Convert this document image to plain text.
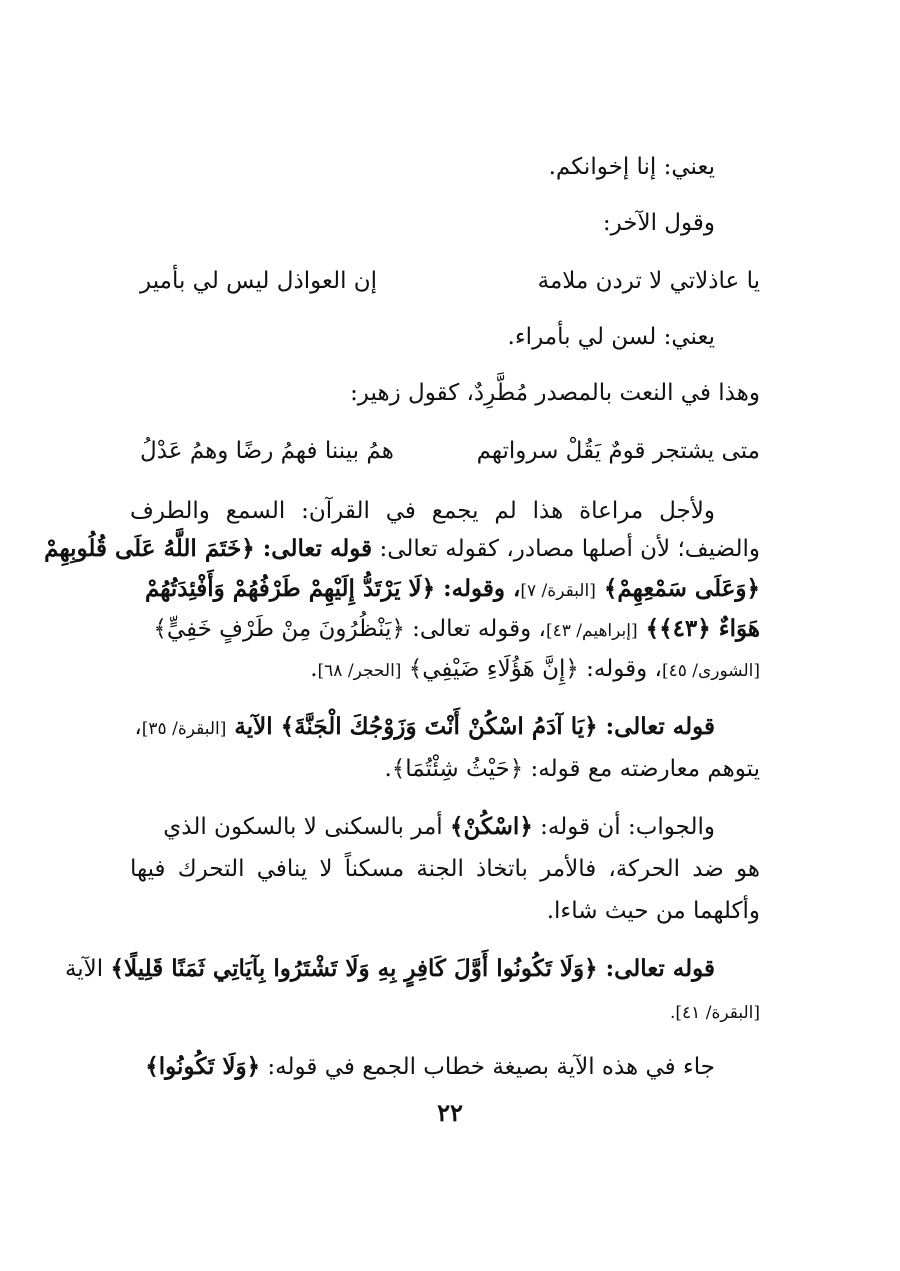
يعني: إنا إخوانكم.
وقول الآخر:
يا عاذلاتي لا تردن ملامة
إن العواذل ليس لي بأمير
يعني: لسن لي بأمراء.
وهذا في النعت بالمصدر مُطَّرِدٌ، كقول زهير:
متى يشتجر قومٌ يَقُلْ سرواتهم
همُ بيننا فهمُ رضًا وهمُ عَدْلُ
ولأجل مراعاة هذا لم يجمع في القرآن: السمع والطرف
والضيف؛ لأن أصلها مصادر، كقوله تعالى: قوله تعالى: ﴿خَتَمَ اللَّهُ عَلَى قُلُوبِهِمْ
﴿وَعَلَى سَمْعِهِمْ﴾ [البقرة/ ٧]، وقوله: ﴿لَا يَرْتَدُّ إِلَيْهِمْ طَرْفُهُمْ وَأَفْئِدَتُهُمْ
هَوَاءٌ ﴿٤٣﴾﴾ [إبراهيم/ ٤٣]، وقوله تعالى: ﴿يَنْظُرُونَ مِنْ طَرْفٍ خَفِيٍّ﴾
[الشورى/ ٤٥]، وقوله: ﴿إِنَّ هَؤُلَاءِ ضَيْفِي﴾ [الحجر/ ٦٨].
قوله تعالى: ﴿يَا آدَمُ اسْكُنْ أَنْتَ وَزَوْجُكَ الْجَنَّةَ﴾ الآية [البقرة/ ٣٥]،
يتوهم معارضته مع قوله: ﴿حَيْثُ شِئْتُمَا﴾.
والجواب: أن قوله: ﴿اسْكُنْ﴾ أمر بالسكنى لا بالسكون الذي
هو ضد الحركة، فالأمر باتخاذ الجنة مسكناً لا ينافي التحرك فيها
وأكلهما من حيث شاءا.
قوله تعالى: ﴿وَلَا تَكُونُوا أَوَّلَ كَافِرٍ بِهِ وَلَا تَشْتَرُوا بِآيَاتِي ثَمَنًا قَلِيلًا﴾ الآية
[البقرة/ ٤١].
جاء في هذه الآية بصيغة خطاب الجمع في قوله: ﴿وَلَا تَكُونُوا﴾
٢٢
